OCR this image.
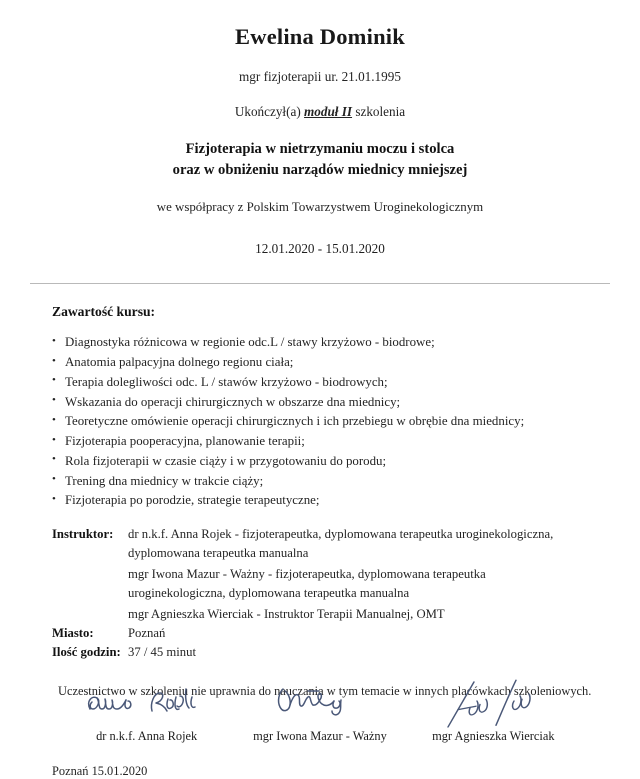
Ewelina Dominik

mgr fizjoterapii ur. 21.01.1995

Ukończył(a) moduł II szkolenia

Fizjoterapia w nietrzymaniu moczu i stolca
oraz w obniżeniu narządów miednicy mniejszej

we współpracy z Polskim Towarzystwem Uroginekologicznym

12.01.2020 - 15.01.2020

Zawartość kursu:
• Diagnostyka różnicowa w regionie odc.L / stawy krzyżowo - biodrowe;
• Anatomia palpacyjna dolnego regionu ciała;
• Terapia dolegliwości odc. L / stawów krzyżowo - biodrowych;
• Wskazania do operacji chirurgicznych w obszarze dna miednicy;
• Teoretyczne omówienie operacji chirurgicznych i ich przebiegu w obrębie dna miednicy;
• Fizjoterapia pooperacyjna, planowanie terapii;
• Rola fizjoterapii w czasie ciąży i w przygotowaniu do porodu;
• Trening dna miednicy w trakcie ciąży;
• Fizjoterapia po porodzie, strategie terapeutyczne;
Instruktor:	dr n.k.f. Anna Rojek - fizjoterapeutka, dyplomowana terapeutka uroginekologiczna,
dyplomowana terapeutka manualna
mgr Iwona Mazur - Ważny - fizjoterapeutka, dyplomowana terapeutka
uroginekologiczna, dyplomowana terapeutka manualna
mgr Agnieszka Wierciak - Instruktor Terapii Manualnej, OMT
Miasto:	Poznań
Ilość godzin: 37 / 45 minut

Uczestnictwo w szkoleniu nie uprawnia do nauczania w tym temacie w innych placówkach szkoleniowych.

dr n.k.f. Anna Rojek	mgr Iwona Mazur - Ważny	mgr Agnieszka Wierciak

Poznań 15.01.2020
